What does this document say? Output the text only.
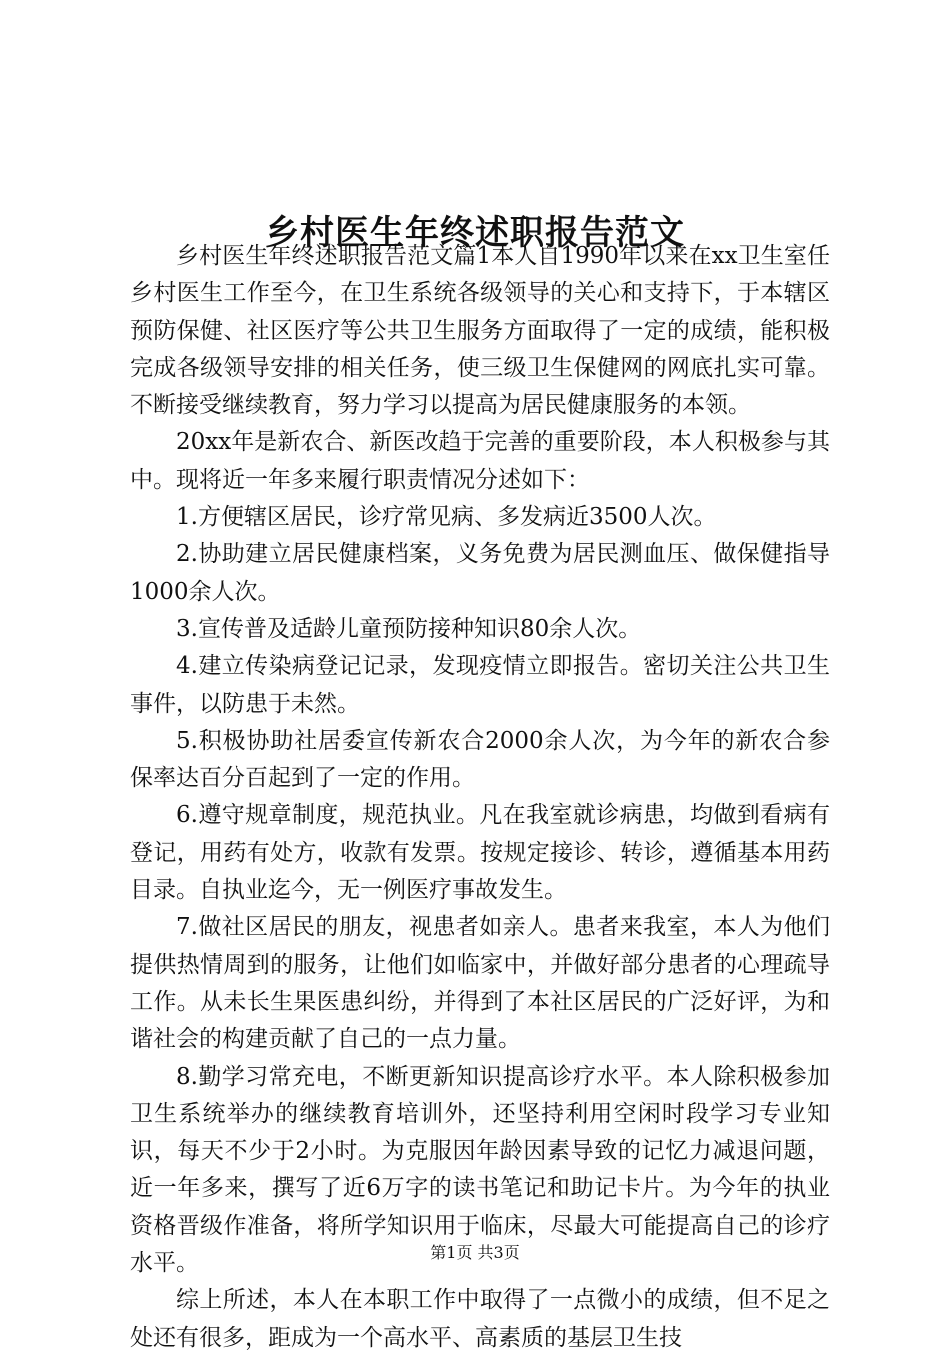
乡村医生年终述职报告范文

乡村医生年终述职报告范文篇1本人自1990年以来在xx卫生室任乡村医生工作至今，在卫生系统各级领导的关心和支持下，于本辖区预防保健、社区医疗等公共卫生服务方面取得了一定的成绩，能积极完成各级领导安排的相关任务，使三级卫生保健网的网底扎实可靠。不断接受继续教育，努力学习以提高为居民健康服务的本领。

20xx年是新农合、新医改趋于完善的重要阶段，本人积极参与其中。现将近一年多来履行职责情况分述如下：

1.方便辖区居民，诊疗常见病、多发病近3500人次。

2.协助建立居民健康档案，义务免费为居民测血压、做保健指导1000余人次。

3.宣传普及适龄儿童预防接种知识80余人次。

4.建立传染病登记记录，发现疫情立即报告。密切关注公共卫生事件，以防患于未然。

5.积极协助社居委宣传新农合2000余人次，为今年的新农合参保率达百分百起到了一定的作用。

6.遵守规章制度，规范执业。凡在我室就诊病患，均做到看病有登记，用药有处方，收款有发票。按规定接诊、转诊，遵循基本用药目录。自执业迄今，无一例医疗事故发生。

7.做社区居民的朋友，视患者如亲人。患者来我室，本人为他们提供热情周到的服务，让他们如临家中，并做好部分患者的心理疏导工作。从未长生果医患纠纷，并得到了本社区居民的广泛好评，为和谐社会的构建贡献了自己的一点力量。

8.勤学习常充电，不断更新知识提高诊疗水平。本人除积极参加卫生系统举办的继续教育培训外，还坚持利用空闲时段学习专业知识，每天不少于2小时。为克服因年龄因素导致的记忆力减退问题，近一年多来，撰写了近6万字的读书笔记和助记卡片。为今年的执业资格晋级作准备，将所学知识用于临床，尽最大可能提高自己的诊疗水平。

综上所述，本人在本职工作中取得了一点微小的成绩，但不足之处还有很多，距成为一个高水平、高素质的基层卫生技

第1页 共3页
